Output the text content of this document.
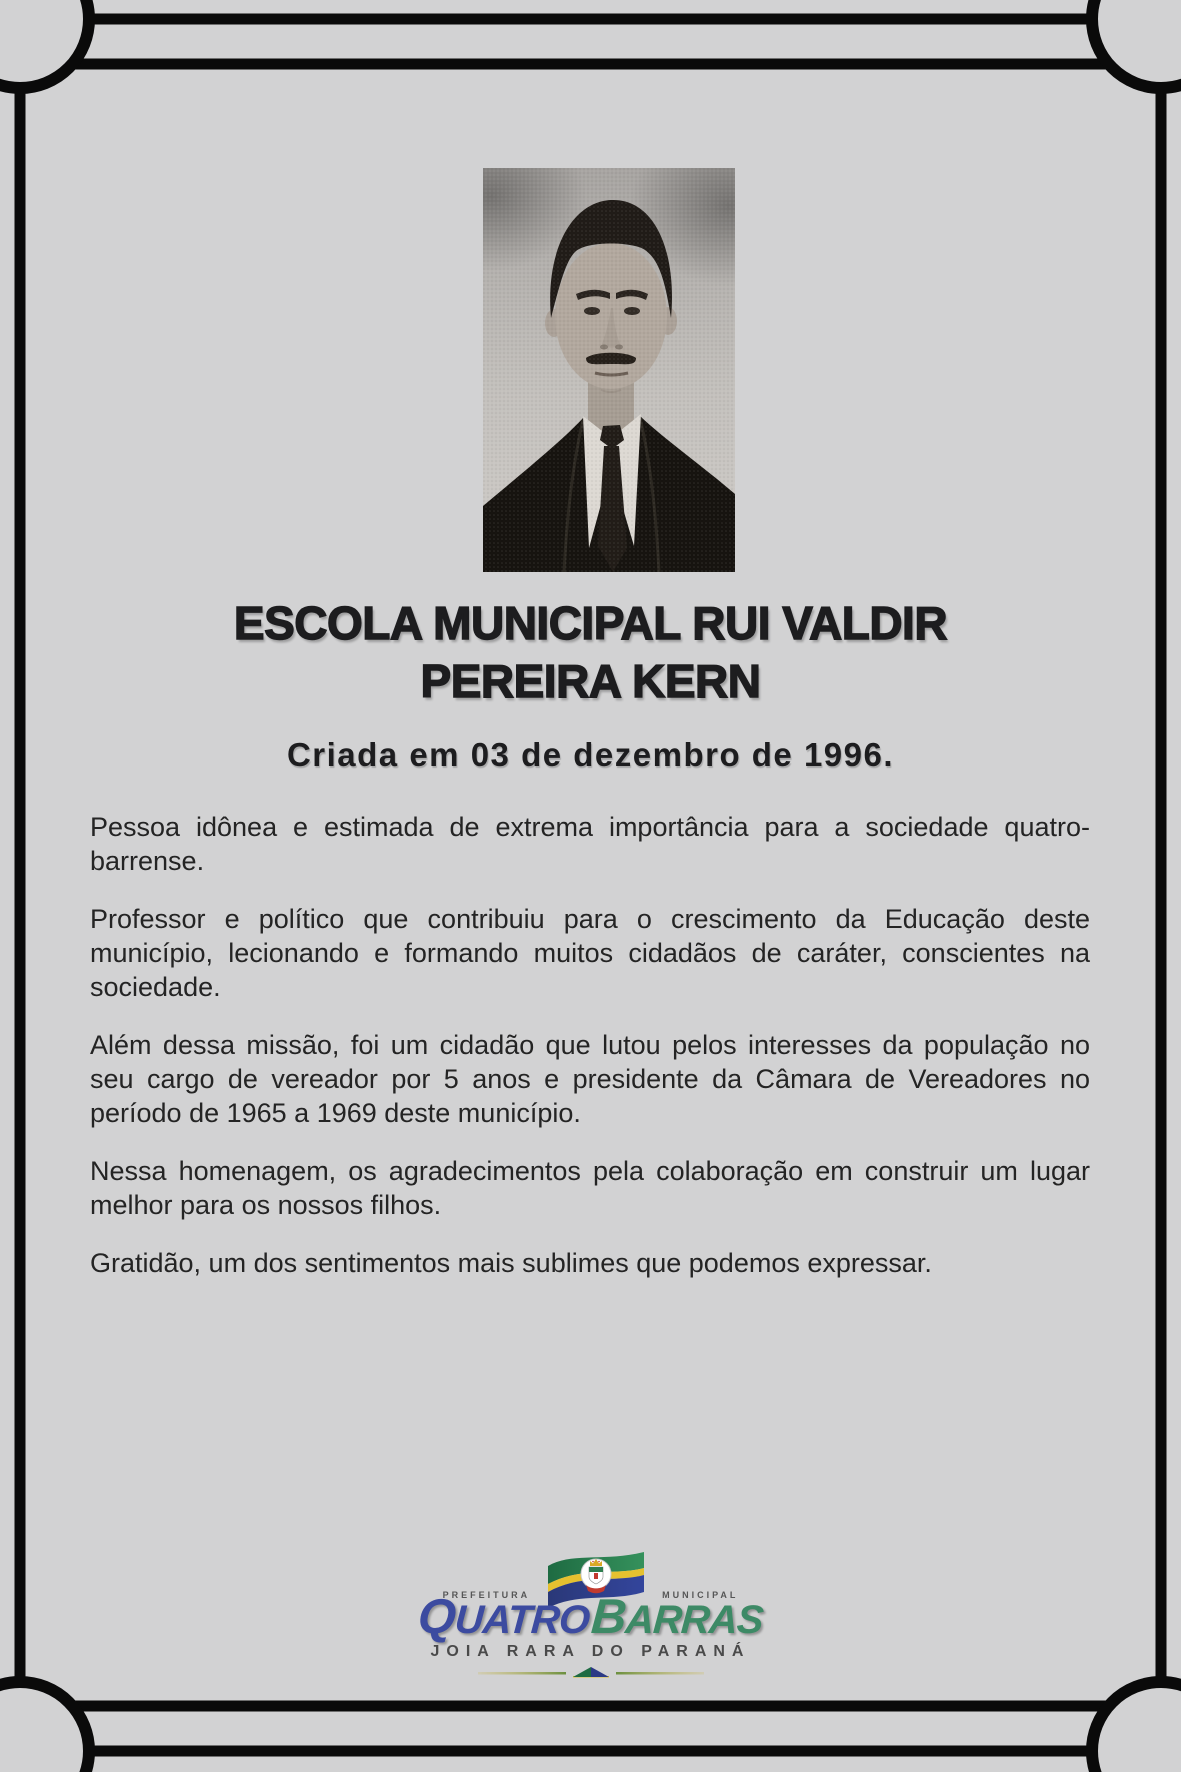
ESCOLA MUNICIPAL RUI VALDIR
PEREIRA KERN
Criada em 03 de dezembro de 1996.

Pessoa idônea e estimada de extrema importância para a sociedade quatro-barrense.

Professor e político que contribuiu para o crescimento da Educação deste município, lecionando e formando muitos cidadãos de caráter, conscientes na sociedade.

Além dessa missão, foi um cidadão que lutou pelos interesses da população no seu cargo de vereador por 5 anos e presidente da Câmara de Vereadores no período de 1965 a 1969 deste município.

Nessa homenagem, os agradecimentos pela colaboração em construir um lugar melhor para os nossos filhos.

Gratidão, um dos sentimentos mais sublimes que podemos expressar.

PREFEITURA	MUNICIPAL
QUATROBARRAS
JOIA RARA DO PARANÁ
